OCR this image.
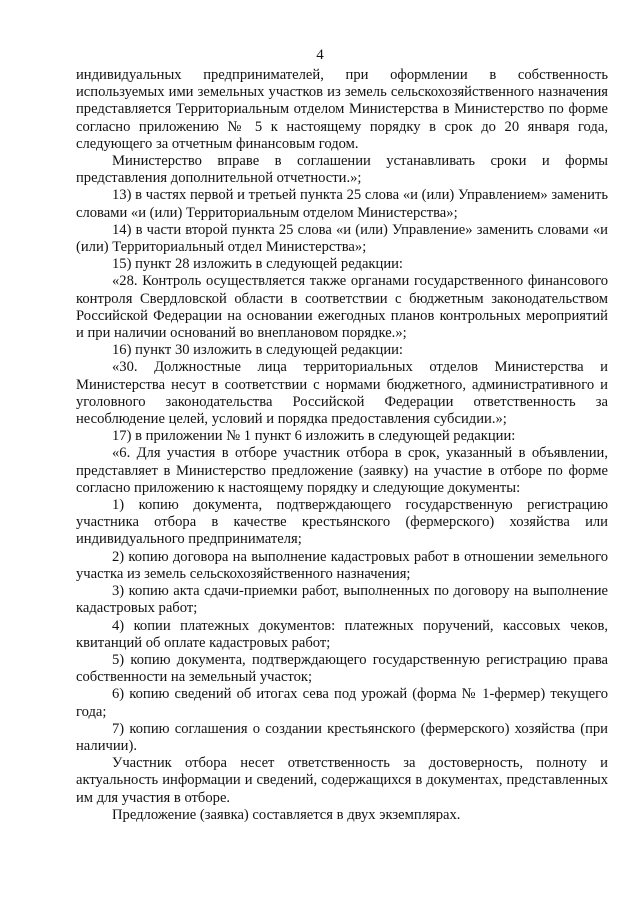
4

индивидуальных предпринимателей, при оформлении в собственность используемых ими земельных участков из земель сельскохозяйственного назначения представляется Территориальным отделом Министерства в Министерство по форме согласно приложению № 5 к настоящему порядку в срок до 20 января года, следующего за отчетным финансовым годом.

Министерство вправе в соглашении устанавливать сроки и формы представления дополнительной отчетности.»;

13) в частях первой и третьей пункта 25 слова «и (или) Управлением» заменить словами «и (или) Территориальным отделом Министерства»;

14) в части второй пункта 25 слова «и (или) Управление» заменить словами «и (или) Территориальный отдел Министерства»;

15) пункт 28 изложить в следующей редакции:

«28. Контроль осуществляется также органами государственного финансового контроля Свердловской области в соответствии с бюджетным законодательством Российской Федерации на основании ежегодных планов контрольных мероприятий и при наличии оснований во внеплановом порядке.»;

16) пункт 30 изложить в следующей редакции:

«30. Должностные лица территориальных отделов Министерства и Министерства несут в соответствии с нормами бюджетного, административного и уголовного законодательства Российской Федерации ответственность за несоблюдение целей, условий и порядка предоставления субсидии.»;

17) в приложении № 1 пункт 6 изложить в следующей редакции:

«6. Для участия в отборе участник отбора в срок, указанный в объявлении, представляет в Министерство предложение (заявку) на участие в отборе по форме согласно приложению к настоящему порядку и следующие документы:

1) копию документа, подтверждающего государственную регистрацию участника отбора в качестве крестьянского (фермерского) хозяйства или индивидуального предпринимателя;

2) копию договора на выполнение кадастровых работ в отношении земельного участка из земель сельскохозяйственного назначения;

3) копию акта сдачи-приемки работ, выполненных по договору на выполнение кадастровых работ;

4) копии платежных документов: платежных поручений, кассовых чеков, квитанций об оплате кадастровых работ;

5) копию документа, подтверждающего государственную регистрацию права собственности на земельный участок;

6) копию сведений об итогах сева под урожай (форма № 1-фермер) текущего года;

7) копию соглашения о создании крестьянского (фермерского) хозяйства (при наличии).

Участник отбора несет ответственность за достоверность, полноту и актуальность информации и сведений, содержащихся в документах, представленных им для участия в отборе.

Предложение (заявка) составляется в двух экземплярах.
